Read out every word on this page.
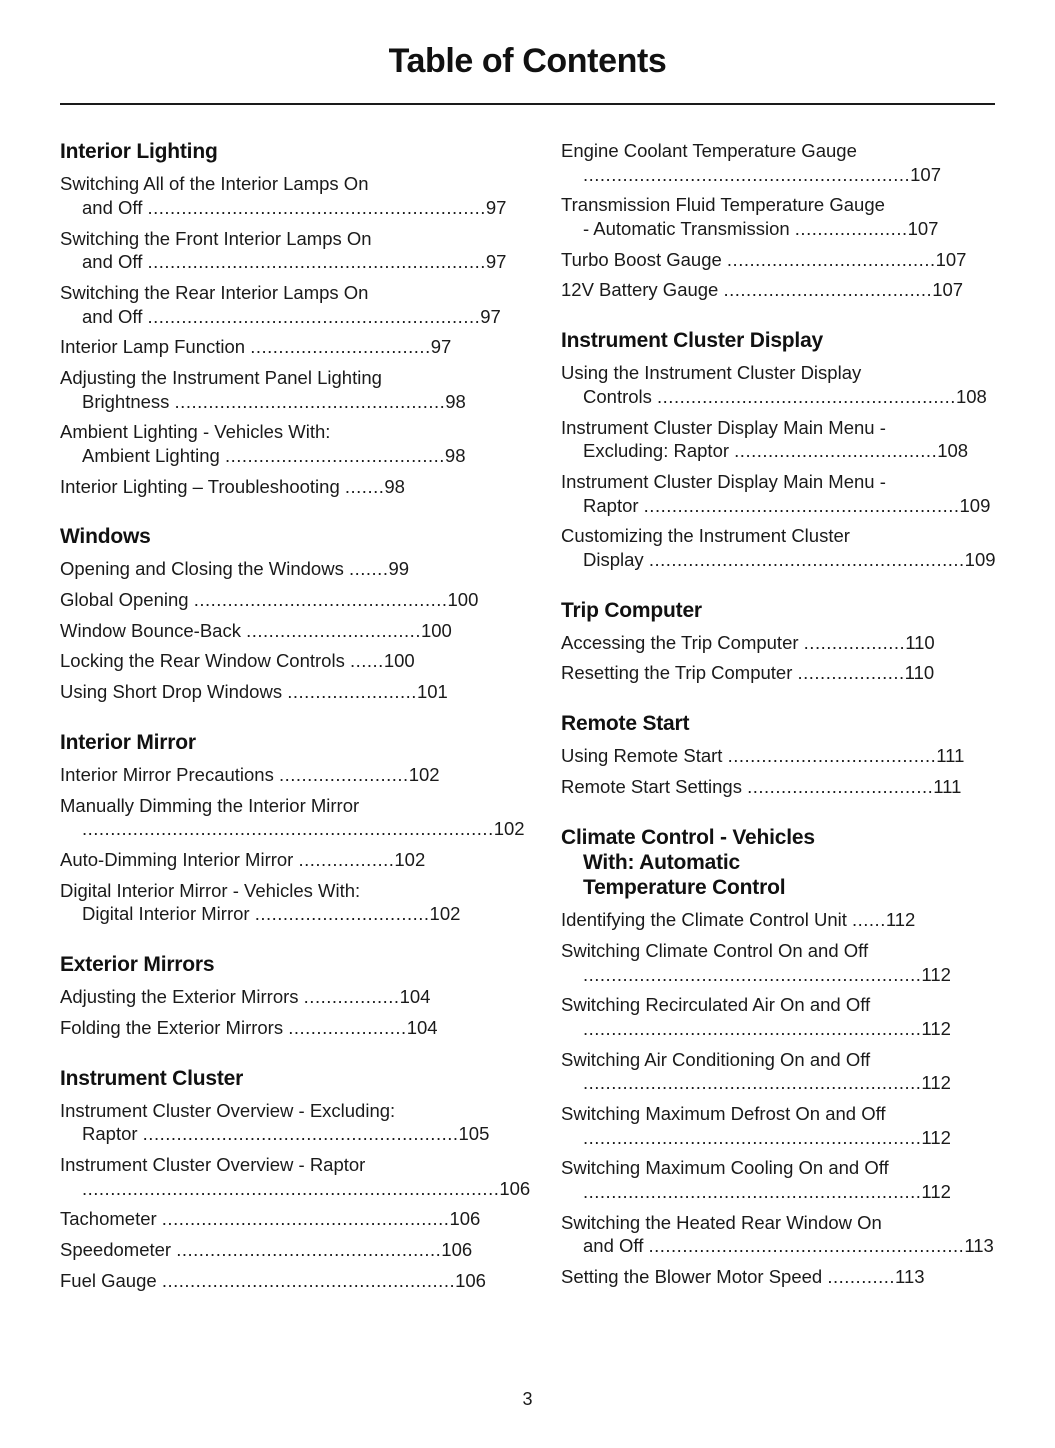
Table of Contents
Interior Lighting
Switching All of the Interior Lamps On
and Off ............................................................97
Switching the Front Interior Lamps On
and Off ............................................................97
Switching the Rear Interior Lamps On
and Off ...........................................................97
Interior Lamp Function ................................97
Adjusting the Instrument Panel Lighting
Brightness ................................................98
Ambient Lighting - Vehicles With:
Ambient Lighting .......................................98
Interior Lighting – Troubleshooting .......98
Windows
Opening and Closing the Windows .......99
Global Opening .............................................100
Window Bounce-Back ...............................100
Locking the Rear Window Controls ......100
Using Short Drop Windows .......................101
Interior Mirror
Interior Mirror Precautions .......................102
Manually Dimming the Interior Mirror
.........................................................................102
Auto-Dimming Interior Mirror .................102
Digital Interior Mirror - Vehicles With:
Digital Interior Mirror ...............................102
Exterior Mirrors
Adjusting the Exterior Mirrors .................104
Folding the Exterior Mirrors .....................104
Instrument Cluster
Instrument Cluster Overview - Excluding:
Raptor ........................................................105
Instrument Cluster Overview - Raptor
..........................................................................106
Tachometer ...................................................106
Speedometer ...............................................106
Fuel Gauge ....................................................106
Engine Coolant Temperature Gauge
..........................................................107
Transmission Fluid Temperature Gauge
- Automatic Transmission ....................107
Turbo Boost Gauge .....................................107
12V Battery Gauge .....................................107
Instrument Cluster Display
Using the Instrument Cluster Display
Controls .....................................................108
Instrument Cluster Display Main Menu -
Excluding: Raptor ....................................108
Instrument Cluster Display Main Menu -
Raptor ........................................................109
Customizing the Instrument Cluster
Display ........................................................109
Trip Computer
Accessing the Trip Computer ..................110
Resetting the Trip Computer ...................110
Remote Start
Using Remote Start .....................................111
Remote Start Settings .................................111
Climate Control - Vehicles
With: Automatic
Temperature Control
Identifying the Climate Control Unit ......112
Switching Climate Control On and Off
............................................................112
Switching Recirculated Air On and Off
............................................................112
Switching Air Conditioning On and Off
............................................................112
Switching Maximum Defrost On and Off
............................................................112
Switching Maximum Cooling On and Off
............................................................112
Switching the Heated Rear Window On
and Off ........................................................113
Setting the Blower Motor Speed ............113
3
